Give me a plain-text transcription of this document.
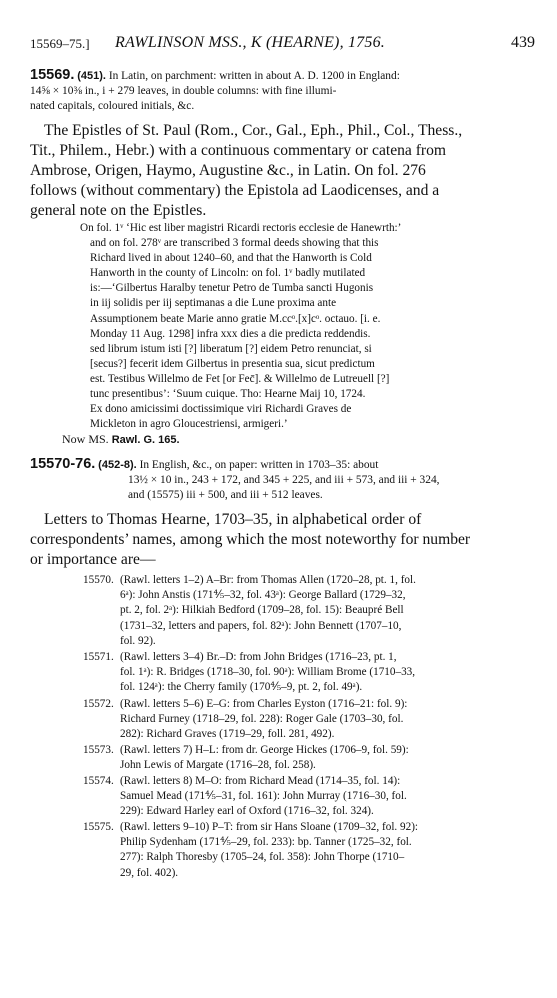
15569–75.] RAWLINSON MSS., K (HEARNE), 1756.	439
15569. (451). In Latin, on parchment: written in about A. D. 1200 in England:
14⅝ × 10⅜ in., i + 279 leaves, in double columns: with fine illumi-
nated capitals, coloured initials, &c.
The Epistles of St. Paul (Rom., Cor., Gal., Eph., Phil., Col., Thess.,
Tit., Philem., Hebr.) with a continuous commentary or catena from
Ambrose, Origen, Haymo, Augustine &c., in Latin. On fol. 276
follows (without commentary) the Epistola ad Laodicenses, and a
general note on the Epistles.
On fol. 1ᵛ ‘Hic est liber magistri Ricardi rectoris ecclesie de Hanewrth:’
and on fol. 278ᵛ are transcribed 3 formal deeds showing that this
Richard lived in about 1240–60, and that the Hanworth is Cold
Hanworth in the county of Lincoln: on fol. 1ᵛ badly mutilated
is:—‘Gilbertus Haralby tenetur Petro de Tumba sancti Hugonis
in iij solidis per iij septimanas a die Lune proxima ante
Assumptionem beate Marie anno gratie M.ccᵒ.[x]cᵒ. octauo. [i. e.
Monday 11 Aug. 1298] infra xxx dies a die predicta reddendis.
sed librum istum isti [?] liberatum [?] eidem Petro renunciat, si
[secus?] fecerit idem Gilbertus in presentia sua, sicut predictum
est. Testibus Willelmo de Fet [or Fec̄]. & Willelmo de Lutreuell [?]
tunc presentibus’: ‘Suum cuique. Tho: Hearne Maij 10, 1724.
Ex dono amicissimi doctissimique viri Richardi Graves de
Mickleton in agro Gloucestriensi, armigeri.’
Now MS. Rawl. G. 165.
15570-76. (452-8). In English, &c., on paper: written in 1703–35: about
13½ × 10 in., 243 + 172, and 345 + 225, and iii + 573, and iii + 324,
and (15575) iii + 500, and iii + 512 leaves.
Letters to Thomas Hearne, 1703–35, in alphabetical order of
correspondents’ names, among which the most noteworthy for number
or importance are—
15570. (Rawl. letters 1–2) A–Br: from Thomas Allen (1720–28, pt. 1, fol.
6ᵃ): John Anstis (171⅘–32, fol. 43ᵃ): George Ballard (1729–32,
pt. 2, fol. 2ᵃ): Hilkiah Bedford (1709–28, fol. 15): Beaupré Bell
(1731–32, letters and papers, fol. 82ᵃ): John Bennett (1707–10,
fol. 92).
15571. (Rawl. letters 3–4) Br.–D: from John Bridges (1716–23, pt. 1,
fol. 1ᵃ): R. Bridges (1718–30, fol. 90ᵃ): William Brome (1710–33,
fol. 124ᵃ): the Cherry family (170⅘–9, pt. 2, fol. 49ᵃ).
15572. (Rawl. letters 5–6) E–G: from Charles Eyston (1716–21: fol. 9):
Richard Furney (1718–29, fol. 228): Roger Gale (1703–30, fol.
282): Richard Graves (1719–29, foll. 281, 492).
15573. (Rawl. letters 7) H–L: from dr. George Hickes (1706–9, fol. 59):
John Lewis of Margate (1716–28, fol. 258).
15574. (Rawl. letters 8) M–O: from Richard Mead (1714–35, fol. 14):
Samuel Mead (171⅘–31, fol. 161): John Murray (1716–30, fol.
229): Edward Harley earl of Oxford (1716–32, fol. 324).
15575. (Rawl. letters 9–10) P–T: from sir Hans Sloane (1709–32, fol. 92):
Philip Sydenham (171⅘–29, fol. 233): bp. Tanner (1725–32, fol.
277): Ralph Thoresby (1705–24, fol. 358): John Thorpe (1710–
29, fol. 402).
